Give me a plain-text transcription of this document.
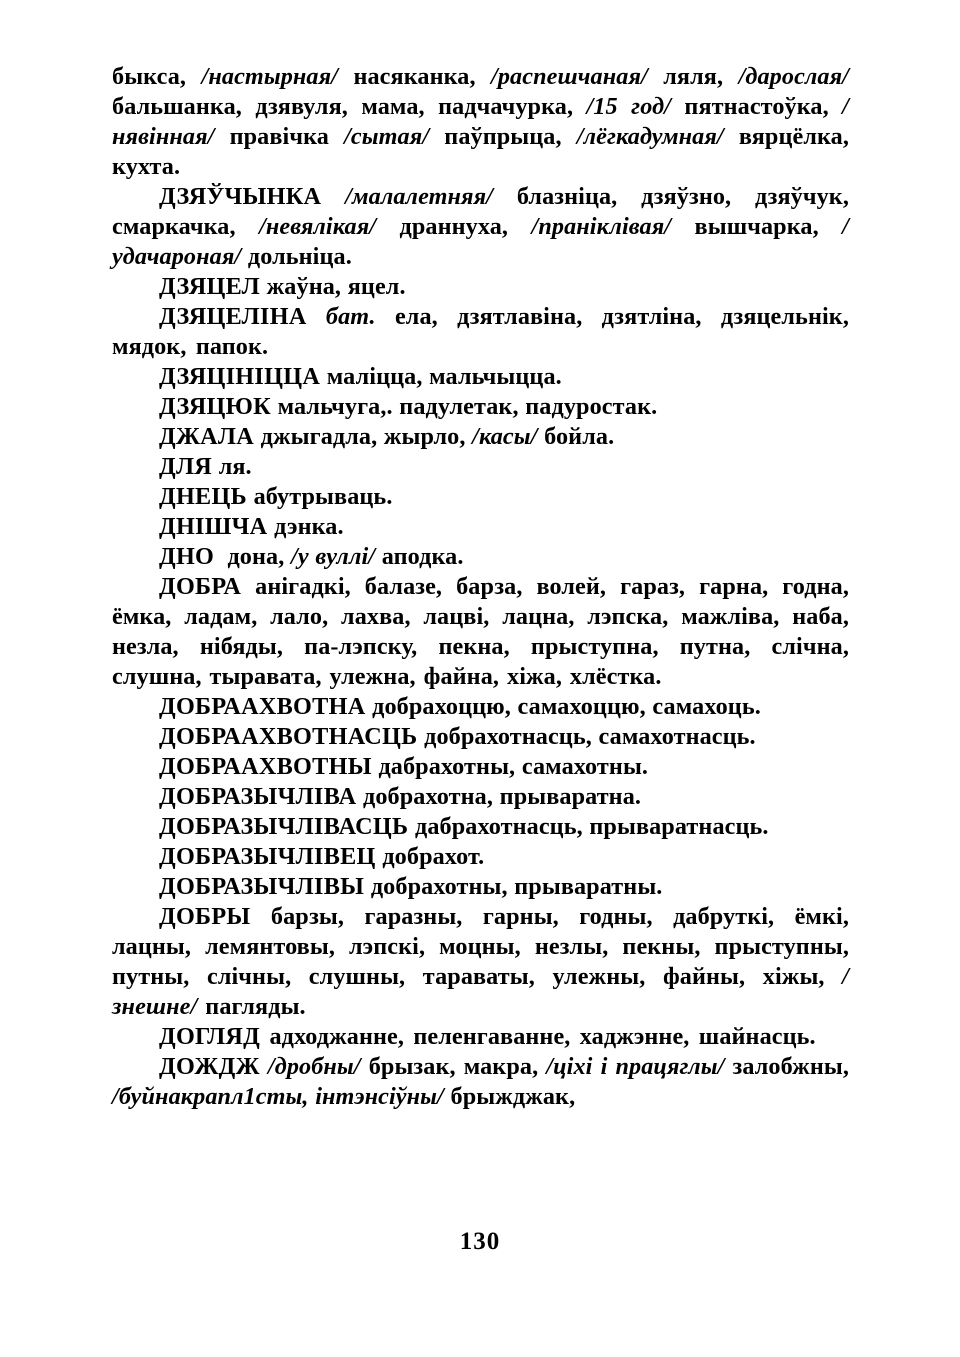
быкса, /настырная/ насяканка, /распешчаная/ ляля, /дарослая/ бальшанка, дзявуля, мама, падчачурка, /15 год/ пятнастоўка, /нявінная/ правічка /сытая/ паўпрыца, /лёгкадумная/ вярцёлка, кухта.

ДЗЯЎЧЫНКА /малалетняя/ блазніца, дзяўзно, дзяўчук, смаркачка, /невялікая/ драннуха, /праніклівая/ вышчарка, /удачароная/ дольніца.

ДЗЯЦЕЛ жаўна, яцел.

ДЗЯЦЕЛІНА бат. ела, дзятлавіна, дзятліна, дзяцельнік, мядок, папок.

ДЗЯЦІНІЦЦА маліцца, мальчыцца.

ДЗЯЦЮК мальчуга,. падулетак, падуростак.

ДЖАЛА джыгадла, жырло, /касы/ бойла.

ДЛЯ ля.

ДНЕЦЬ абутрываць.

ДНІШЧА дэнка.

ДНО дона, /у вуллі/ аподка.

ДОБРА анігадкі, балазе, барза, волей, гараз, гарна, годна, ёмка, ладам, лало, лахва, лацві, лацна, лэпска, мажліва, наба, незла, нібяды, па-лэпску, пекна, прыступна, путна, слічна, слушна, тыравата, улежна, файна, хіжа, хлёстка.

ДОБРААХВОТНА добрахоццю, самахоццю, самахоць.

ДОБРААХВОТНАСЦЬ добрахотнасць, самахотнасць.

ДОБРААХВОТНЫ дабрахотны, самахотны.

ДОБРАЗЫЧЛІВА добрахотна, прываратна.

ДОБРАЗЫЧЛІВАСЦЬ дабрахотнасць, прываратнасць.

ДОБРАЗЫЧЛІВЕЦ добрахот.

ДОБРАЗЫЧЛІВЫ добрахотны, прываратны.

ДОБРЫ барзы, гаразны, гарны, годны, дабруткі, ёмкі, лацны, лемянтовы, лэпскі, моцны, незлы, пекны, прыступны, путны, слічны, слушны, тараваты, улежны, файны, хіжы, /знешне/ пагляды.

ДОГЛЯД адходжанне, пеленгаванне, хаджэнне, шайнасць.

ДОЖДЖ /дробны/ брызак, макра, /ціхі і працяглы/ залобжны, /буйнакрапл1сты, інтэнсіўны/ брыжджак,

130
